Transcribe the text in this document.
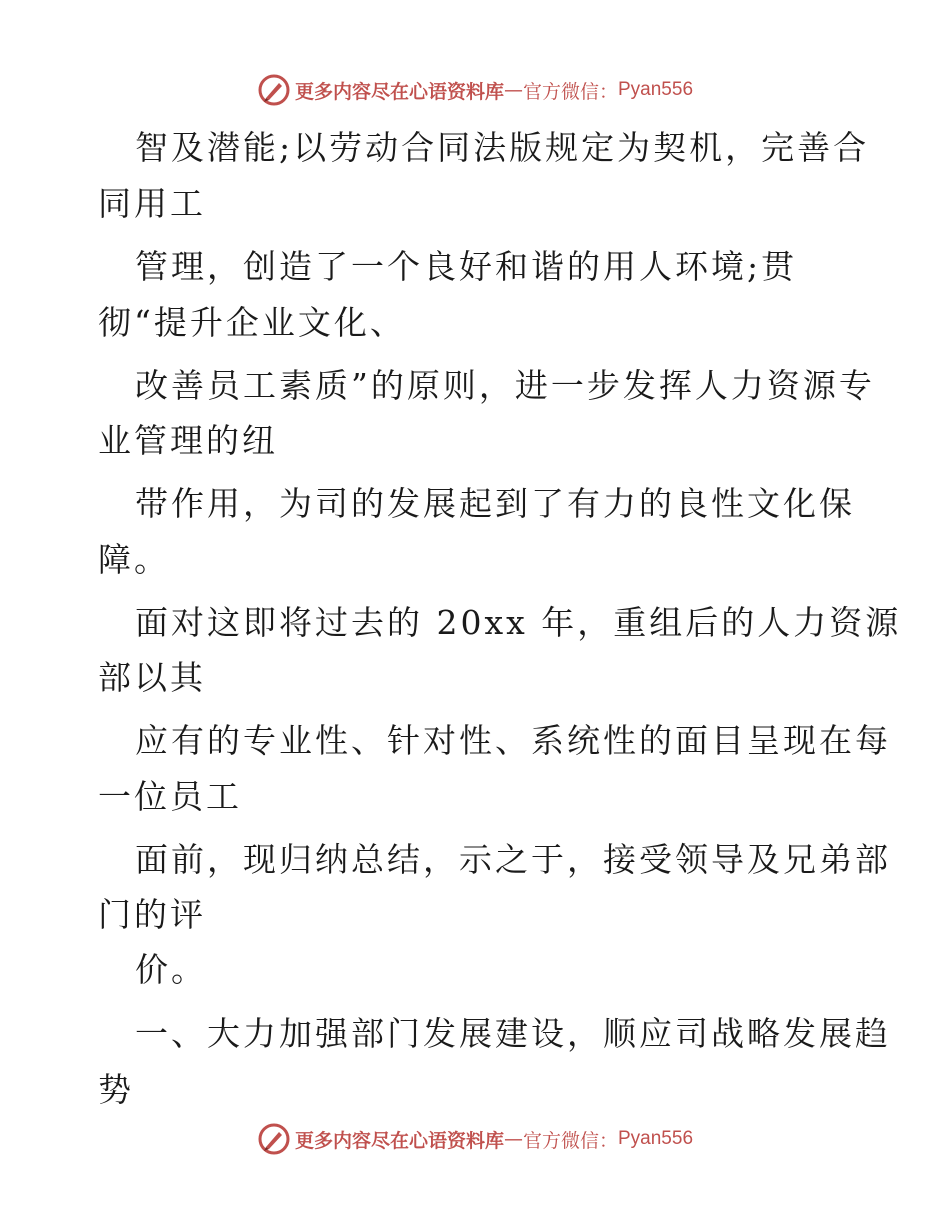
更多内容尽在心语资料库 — 官方微信： Pyan556
智及潜能;以劳动合同法版规定为契机，完善合
同用工
管理，创造了一个良好和谐的用人环境;贯
彻“提升企业文化、
改善员工素质”的原则，进一步发挥人力资源专
业管理的纽
带作用，为司的发展起到了有力的良性文化保
障。
面对这即将过去的 20xx 年，重组后的人力资源
部以其
应有的专业性、针对性、系统性的面目呈现在每
一位员工
面前，现归纳总结，示之于，接受领导及兄弟部
门的评
价。
一、大力加强部门发展建设，顺应司战略发展趋
势
更多内容尽在心语资料库 — 官方微信： Pyan556
